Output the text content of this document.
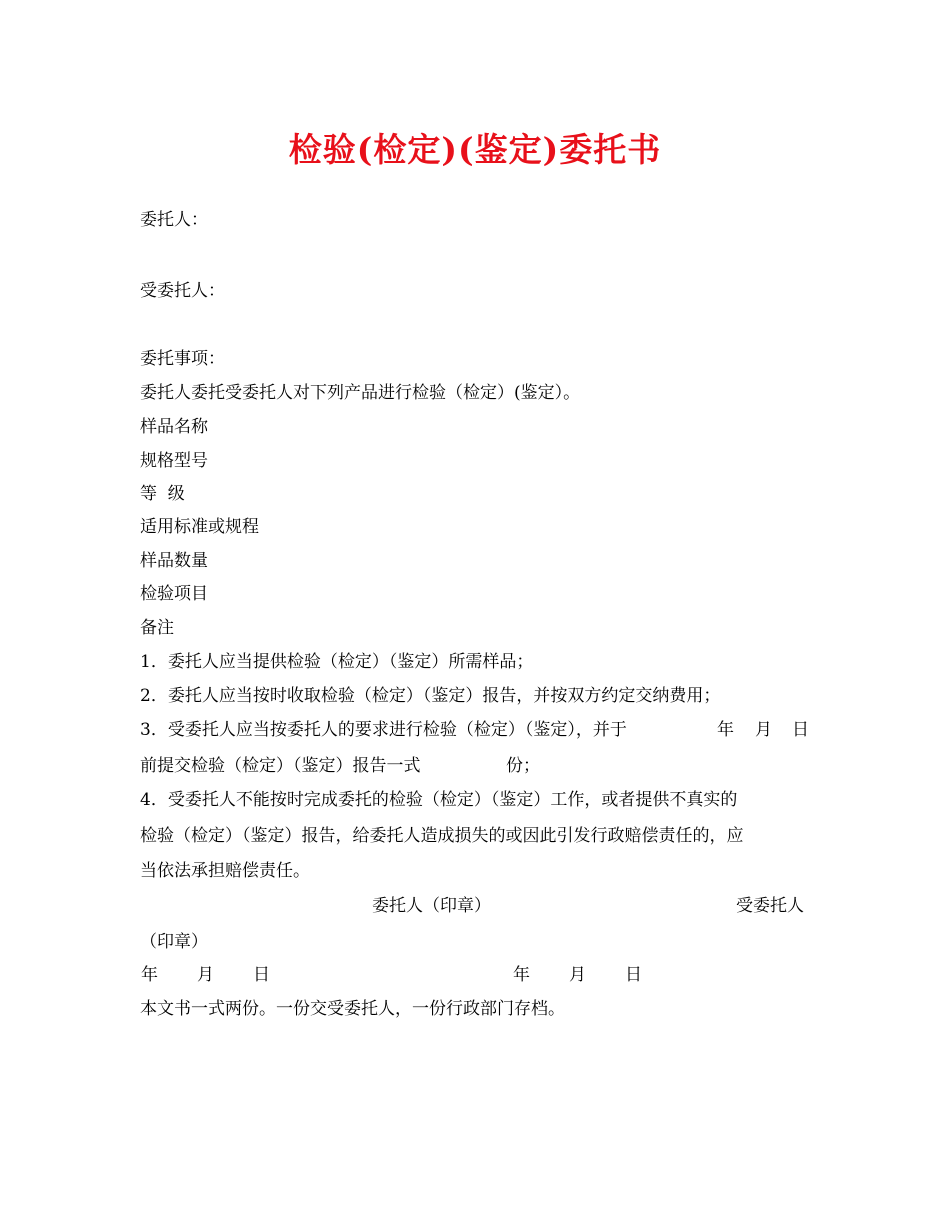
检验(检定)(鉴定)委托书
委托人：
受委托人：
委托事项：
委托人委托受委托人对下列产品进行检验（检定）(鉴定）。
样品名称
规格型号
等  级
适用标准或规程
样品数量
检验项目
备注
1．委托人应当提供检验（检定）（鉴定）所需样品；
2．委托人应当按时收取检验（检定）（鉴定）报告，并按双方约定交纳费用；
3．受委托人应当按委托人的要求进行检验（检定）（鉴定），并于	年 月 日
前提交检验（检定）（鉴定）报告一式	份；
4．受委托人不能按时完成委托的检验（检定）（鉴定）工作，或者提供不真实的
检验（检定）（鉴定）报告，给委托人造成损失的或因此引发行政赔偿责任的，应
当依法承担赔偿责任。
委托人（印章）	受委托人
（印章）
年 月 日	年 月 日
本文书一式两份。一份交受委托人，一份行政部门存档。
